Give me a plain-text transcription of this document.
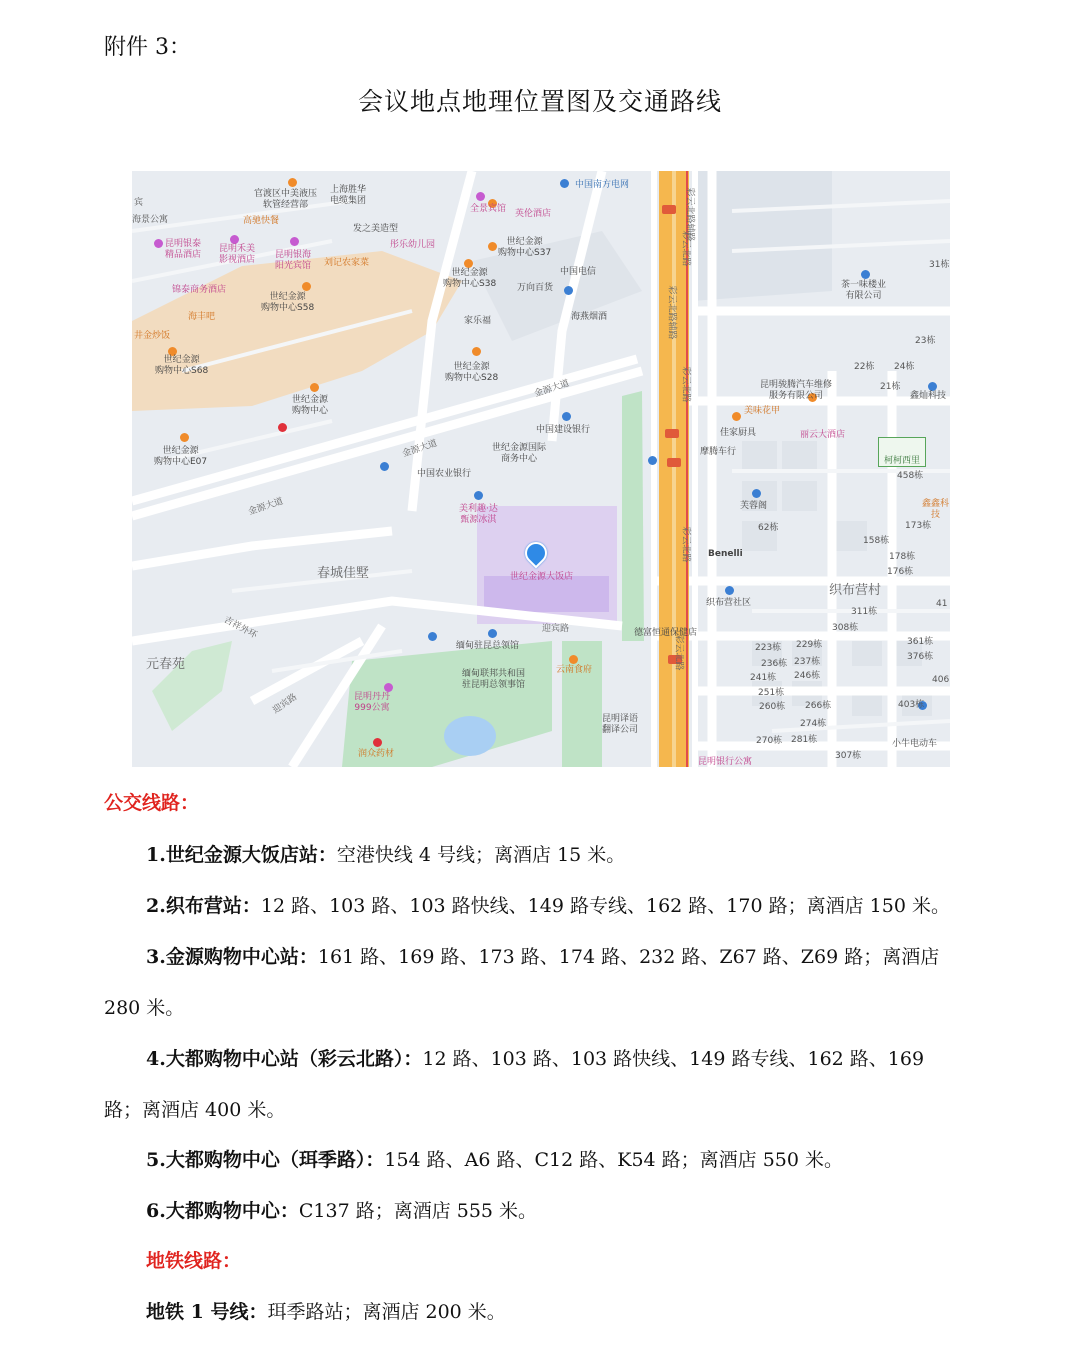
附件 3：
会议地点地理位置图及交通路线
柯柯西里
宾
官渡区中美液压
软管经营部
上海胜华
电缆集团
中国南方电网
海景公寓
全景宾馆 英伦酒店
高驰快餐
发之美造型
彤乐幼儿园
昆明银泰
精品酒店
昆明禾美
影视酒店 昆明银海
阳光宾馆 刘记农家菜
世纪金源
购物中心S37
世纪金源
购物中心S38
中国电信
万向百货
锦泰商务酒店
海丰吧
世纪金源
购物中心S58
家乐福	海燕烟酒
茶一味楼业
有限公司
31栋
井金炒饭
世纪金源
购物中心S68	世纪金源
购物中心S28
23栋
22栋 24栋
21栋
金源大道	昆明骏腾汽车维修
服务有限公司	鑫灿科技
世纪金源
购物中心
中国建设银行
美味花甲
丽云大酒店
佳家厨具
世纪金源
购物中心E07
金源大道	世纪金源国际
商务中心
中国农业银行
摩腾车行
458栋
美利趣·达
甄源冰淇
芙蓉阁
金源大道
62栋	173栋
鑫鑫科技
世纪金源大饭店
Benelli
158栋
178栋
176栋
春城佳墅
织布营社区
织布营村
311栋
308栋
41
吉祥外环	迎宾路	德富恒通保健店
223栋 229栋	361栋
376栋
元春苑
缅甸驻昆总领馆
云南食府	彩云北路	236栋 237栋
241栋 246栋	406
昆明丹丹
999公寓
缅甸联邦共和国
驻昆明总领事馆
251栋
迎宾路
昆明译语
翻译公司
260栋 266栋	403栋
274栋
270栋 281栋
润众药材
小牛电动车
307栋
昆明银行公寓
彩云北路辅路
彩云北路
彩云北路
彩云北路辅路
彩云北路
公交线路：
1.世纪金源大饭店站：空港快线 4 号线；离酒店 15 米。
2.织布营站：12 路、103 路、103 路快线、149 路专线、162 路、170 路；离酒店 150 米。
3.金源购物中心站：161 路、169 路、173 路、174 路、232 路、Z67 路、Z69 路；离酒店
280 米。
4.大都购物中心站（彩云北路）：12 路、103 路、103 路快线、149 路专线、162 路、169
路；离酒店 400 米。
5.大都购物中心（珥季路）：154 路、A6 路、C12 路、K54 路；离酒店 550 米。
6.大都购物中心：C137 路；离酒店 555 米。
地铁线路：
地铁 1 号线：珥季路站；离酒店 200 米。
